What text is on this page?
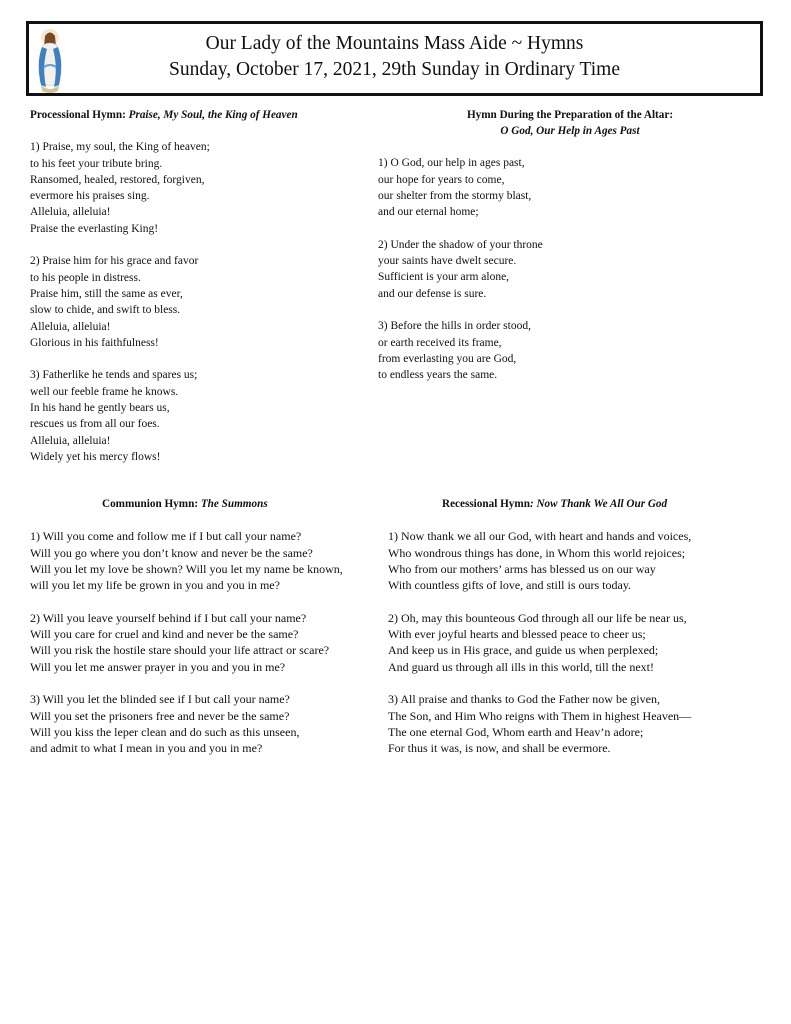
Our Lady of the Mountains Mass Aide ~ Hymns
Sunday, October 17, 2021, 29th Sunday in Ordinary Time
Processional Hymn: Praise, My Soul, the King of Heaven
1) Praise, my soul, the King of heaven;
to his feet your tribute bring.
Ransomed, healed, restored, forgiven,
evermore his praises sing.
Alleluia, alleluia!
Praise the everlasting King!
2) Praise him for his grace and favor
to his people in distress.
Praise him, still the same as ever,
slow to chide, and swift to bless.
Alleluia, alleluia!
Glorious in his faithfulness!
3) Fatherlike he tends and spares us;
well our feeble frame he knows.
In his hand he gently bears us,
rescues us from all our foes.
Alleluia, alleluia!
Widely yet his mercy flows!
Hymn During the Preparation of the Altar:
O God, Our Help in Ages Past
1) O God, our help in ages past,
our hope for years to come,
our shelter from the stormy blast,
and our eternal home;
2) Under the shadow of your throne
your saints have dwelt secure.
Sufficient is your arm alone,
and our defense is sure.
3) Before the hills in order stood,
or earth received its frame,
from everlasting you are God,
to endless years the same.
Communion Hymn: The Summons
1) Will you come and follow me if I but call your name?
Will you go where you don’t know and never be the same?
Will you let my love be shown? Will you let my name be known,
will you let my life be grown in you and you in me?
2) Will you leave yourself behind if I but call your name?
Will you care for cruel and kind and never be the same?
Will you risk the hostile stare should your life attract or scare?
Will you let me answer prayer in you and you in me?
3) Will you let the blinded see if I but call your name?
Will you set the prisoners free and never be the same?
Will you kiss the leper clean and do such as this unseen,
and admit to what I mean in you and you in me?
Recessional Hymn: Now Thank We All Our God
1) Now thank we all our God, with heart and hands and voices,
Who wondrous things has done, in Whom this world rejoices;
Who from our mothers’ arms has blessed us on our way
With countless gifts of love, and still is ours today.
2) Oh, may this bounteous God through all our life be near us,
With ever joyful hearts and blessed peace to cheer us;
And keep us in His grace, and guide us when perplexed;
And guard us through all ills in this world, till the next!
3) All praise and thanks to God the Father now be given,
The Son, and Him Who reigns with Them in highest Heaven—
The one eternal God, Whom earth and Heav’n adore;
For thus it was, is now, and shall be evermore.
